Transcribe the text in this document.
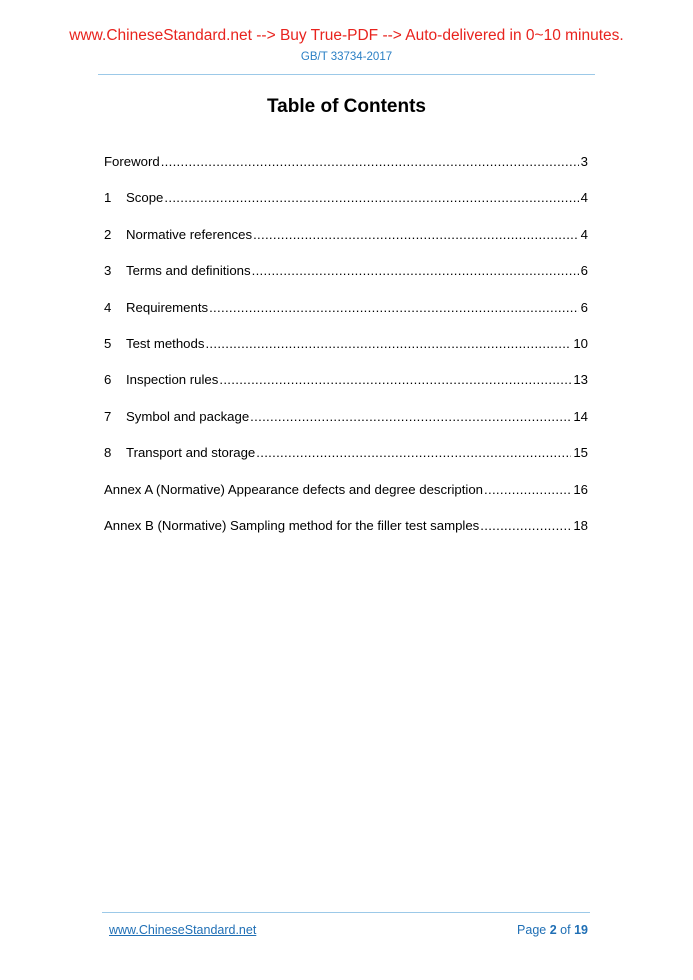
www.ChineseStandard.net --> Buy True-PDF --> Auto-delivered in 0~10 minutes.
GB/T 33734-2017
Table of Contents
Foreword .....	3
1	Scope .....	4
2	Normative references .....	4
3	Terms and definitions .....	6
4	Requirements .....	6
5	Test methods .....	10
6	Inspection rules .....	13
7	Symbol and package .....	14
8	Transport and storage .....	15
Annex A (Normative) Appearance defects and degree description .....	16
Annex B (Normative) Sampling method for the filler test samples .....	18
www.ChineseStandard.net	Page 2 of 19
